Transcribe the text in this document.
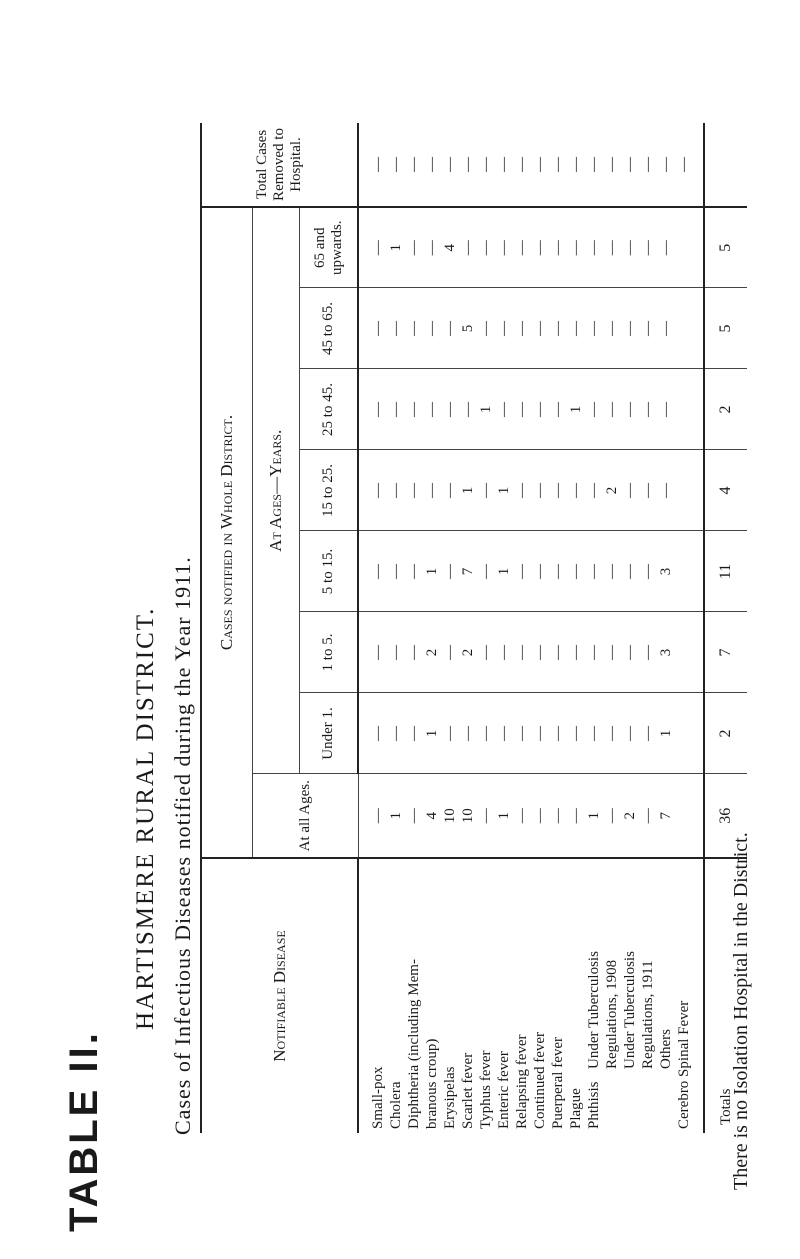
TABLE II.
HARTISMERE RURAL DISTRICT. Cases of Infectious Diseases notified during the Year 1911.	There is no Isolation Hospital in the District.
Notifiable Disease	Cases notified in Whole District.								Total Cases Removed to Hospital.
	At all Ages.	At Ages—Years.							
		Under 1.	1 to 5.	5 to 15.	15 to 25.	25 to 45.	45 to 65.	65 and upwards.	

Small-pox	—	—	—	—	—	—	—	—	—
Cholera	1	—	—	—	—	—	—	1	—
Diphtheria (including Mem-	—	—	—	—	—	—	—	—	—
branous croup)	4	1	2	1	—	—	—	—	—
Erysipelas	10	—	—	—	—	—	—	4	—
Scarlet fever	10	—	2	7	1	—	5	—	—
Typhus fever	—	—	—	—	—	1	—	—	—
Enteric fever	1	—	—	1	1	—	—	—	—
Relapsing fever	—	—	—	—	—	—	—	—	—
Continued fever	—	—	—	—	—	—	—	—	—
Puerperal fever	—	—	—	—	—	—	—	—	—
Plague	—	—	—	—	—	1	—	—	—
PhthisisUnder Tuberculosis	1	—	—	—	—	—	—	—	—
Regulations, 1908	—	—	—	—	2	—	—	—	—
Under Tuberculosis	2	—	—	—	—	—	—	—	—
Regulations, 1911	—	—	—	—	—	—	—	—	—
Others	7	1	3	3	—	—	—	—	—
Cerebro Spinal Fever									—

Totals	36	2	7	11	4	2	5	5	
